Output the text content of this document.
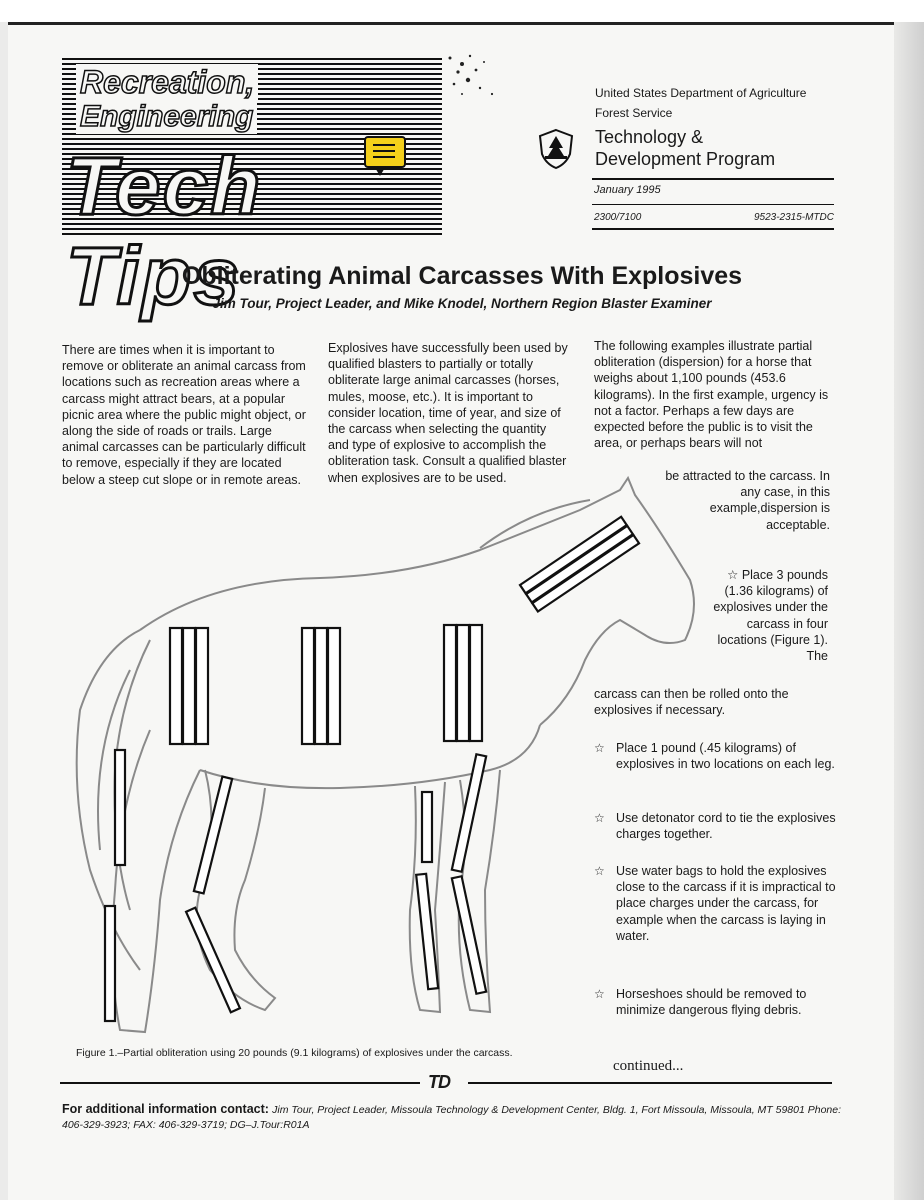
Recreation,
Engineering
Tech Tips
United States Department of Agriculture
Forest Service
Technology &
Development Program
January 1995
2300/7100	9523-2315-MTDC
Obliterating Animal Carcasses With Explosives
Jim Tour, Project Leader, and Mike Knodel, Northern Region Blaster Examiner
There are times when it is important to remove or obliterate an animal carcass from locations such as recreation areas where a carcass might attract bears, at a popular picnic area where the public might object, or along the side of roads or trails. Large animal carcasses can be particularly difficult to remove, especially if they are located below a steep cut slope or in remote areas.
Explosives have successfully been used by qualified blasters to partially or totally obliterate large animal carcasses (horses, mules, moose, etc.). It is important to consider location, time of year, and size of the carcass when selecting the quantity and type of explosive to accomplish the obliteration task. Consult a qualified blaster when explosives are to be used.
The following examples illustrate partial obliteration (dispersion) for a horse that weighs about 1,100 pounds (453.6 kilograms). In the first example, urgency is not a factor. Perhaps a few days are expected before the public is to visit the area, or perhaps bears will not
be attracted to the carcass. In any case, in this example,dispersion is acceptable.
☆ Place 3 pounds (1.36 kilograms) of explosives under the carcass in four locations (Figure 1). The
carcass can then be rolled onto the explosives if necessary.
☆ Place 1 pound (.45 kilograms) of explosives in two locations on each leg.
☆ Use detonator cord to tie the explosives charges together.
☆ Use water bags to hold the explosives close to the carcass if it is impractical to place charges under the carcass, for example when the carcass is laying in water.
☆ Horseshoes should be removed to minimize dangerous flying debris.
Figure 1.–Partial obliteration using 20 pounds (9.1 kilograms) of explosives under the carcass.
continued...
TD
For additional information contact: Jim Tour, Project Leader, Missoula Technology & Development Center, Bldg. 1, Fort Missoula, Missoula, MT 59801 Phone: 406-329-3923; FAX: 406-329-3719; DG–J.Tour:R01A
